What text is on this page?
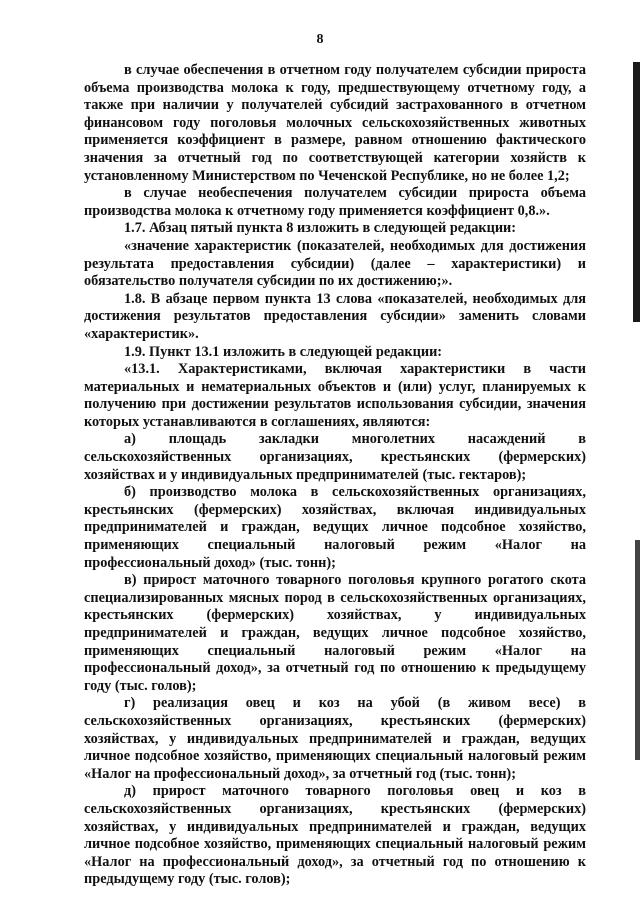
8

в случае обеспечения в отчетном году получателем субсидии прироста объема производства молока к году, предшествующему отчетному году, а также при наличии у получателей субсидий застрахованного в отчетном финансовом году поголовья молочных сельскохозяйственных животных применяется коэффициент в размере, равном отношению фактического значения за отчетный год по соответствующей категории хозяйств к установленному Министерством по Чеченской Республике, но не более 1,2;

в случае необеспечения получателем субсидии прироста объема производства молока к отчетному году применяется коэффициент 0,8.».

1.7. Абзац пятый пункта 8 изложить в следующей редакции:

«значение характеристик (показателей, необходимых для достижения результата предоставления субсидии) (далее – характеристики) и обязательство получателя субсидии по их достижению;».

1.8. В абзаце первом пункта 13 слова «показателей, необходимых для достижения результатов предоставления субсидии» заменить словами «характеристик».

1.9. Пункт 13.1 изложить в следующей редакции:

«13.1. Характеристиками, включая характеристики в части материальных и нематериальных объектов и (или) услуг, планируемых к получению при достижении результатов использования субсидии, значения которых устанавливаются в соглашениях, являются:

а) площадь закладки многолетних насаждений в сельскохозяйственных организациях, крестьянских (фермерских) хозяйствах и у индивидуальных предпринимателей (тыс. гектаров);

б) производство молока в сельскохозяйственных организациях, крестьянских (фермерских) хозяйствах, включая индивидуальных предпринимателей и граждан, ведущих личное подсобное хозяйство, применяющих специальный налоговый режим «Налог на профессиональный доход» (тыс. тонн);

в) прирост маточного товарного поголовья крупного рогатого скота специализированных мясных пород в сельскохозяйственных организациях, крестьянских (фермерских) хозяйствах, у индивидуальных предпринимателей и граждан, ведущих личное подсобное хозяйство, применяющих специальный налоговый режим «Налог на профессиональный доход», за отчетный год по отношению к предыдущему году (тыс. голов);

г) реализация овец и коз на убой (в живом весе) в сельскохозяйственных организациях, крестьянских (фермерских) хозяйствах, у индивидуальных предпринимателей и граждан, ведущих личное подсобное хозяйство, применяющих специальный налоговый режим «Налог на профессиональный доход», за отчетный год (тыс. тонн);

д) прирост маточного товарного поголовья овец и коз в сельскохозяйственных организациях, крестьянских (фермерских) хозяйствах, у индивидуальных предпринимателей и граждан, ведущих личное подсобное хозяйство, применяющих специальный налоговый режим «Налог на профессиональный доход», за отчетный год по отношению к предыдущему году (тыс. голов);
